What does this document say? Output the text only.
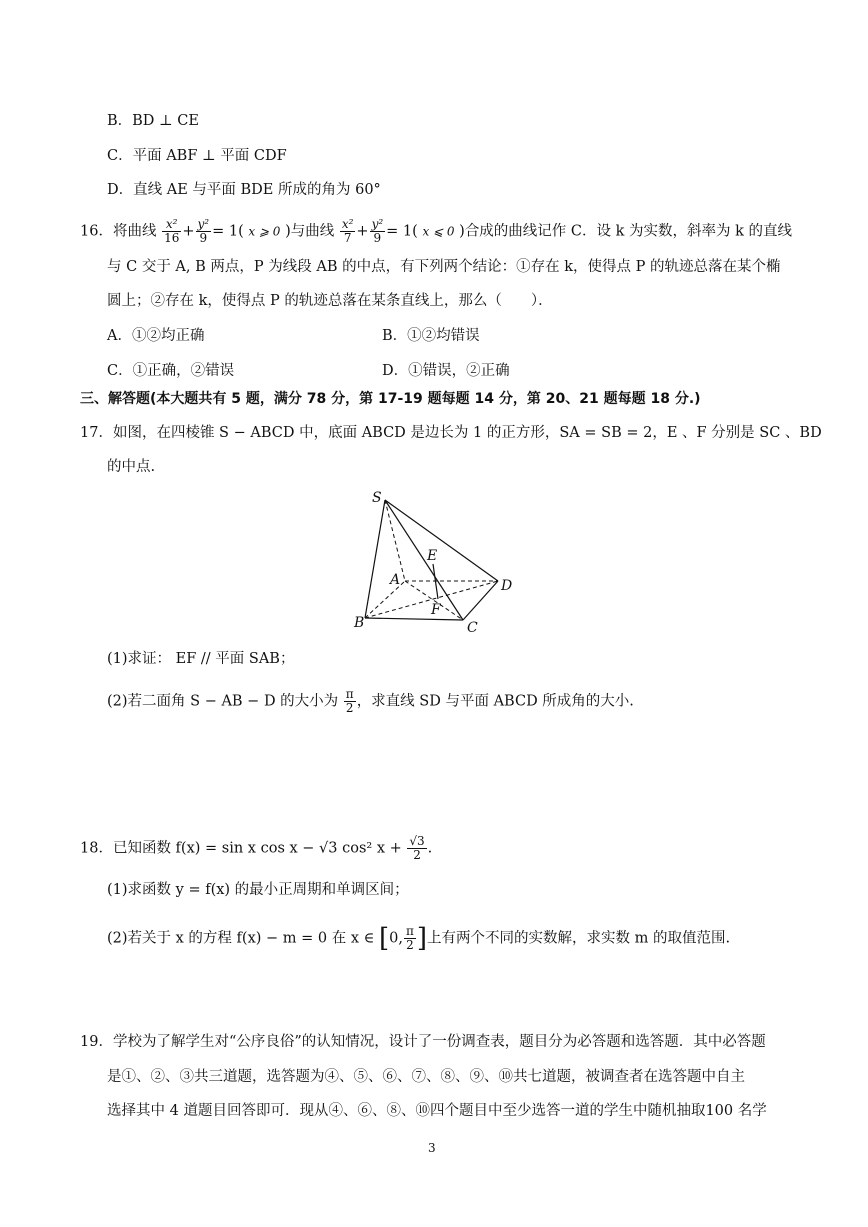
B．BD ⊥ CE
C．平面 ABF ⊥ 平面 CDF
D．直线 AE 与平面 BDE 所成的角为 60°
16．将曲线 $\frac{\text{x²}}{16} + \frac{\text{y²}}{9} = 1$( x ⩾ 0 )与曲线 $\frac{\text{x²}}{7} + \frac{\text{y²}}{9} = 1$( x ⩽ 0 )合成的曲线记作 C．设 k 为实数，斜率为 k 的直线
与 C 交于 A, B 两点，P 为线段 AB 的中点，有下列两个结论：①存在 k，使得点 P 的轨迹总落在某个椭
圆上；②存在 k，使得点 P 的轨迹总落在某条直线上，那么（　　）．
A．①②均正确	B．①②均错误
C．①正确，②错误	D．①错误，②正确
三、解答题(本大题共有 5 题，满分 78 分，第 17-19 题每题 14 分，第 20、21 题每题 18 分.)
17．如图，在四棱锥 S − ABCD 中，底面 ABCD 是边长为 1 的正方形，SA = SB = 2，E 、F 分别是 SC 、BD
的中点.
S
A
B	C
D
E
F
(1)求证： EF // 平面 SAB；
(2)若二面角 S − AB − D 的大小为 $\frac{\pi}{2}$ ，求直线 SD 与平面 ABCD 所成角的大小.
18．已知函数 f(x) = sin x cos x − √3 cos² $x + \frac{√3}{2}$ .
(1)求函数 y = f(x) 的最小正周期和单调区间；
(2)若关于 x 的方程 f(x) − m = 0 在 x ∈ [0, $\frac{\pi}{2}$ ]上有两个不同的实数解，求实数 m 的取值范围.
19．学校为了解学生对“公序良俗”的认知情况，设计了一份调查表，题目分为必答题和选答题．其中必答题
是①、②、③共三道题，选答题为④、⑤、⑥、⑦、⑧、⑨、⑩共七道题，被调查者在选答题中自主
选择其中 4 道题目回答即可．现从④、⑥、⑧、⑩四个题目中至少选答一道的学生中随机抽取100 名学
3
